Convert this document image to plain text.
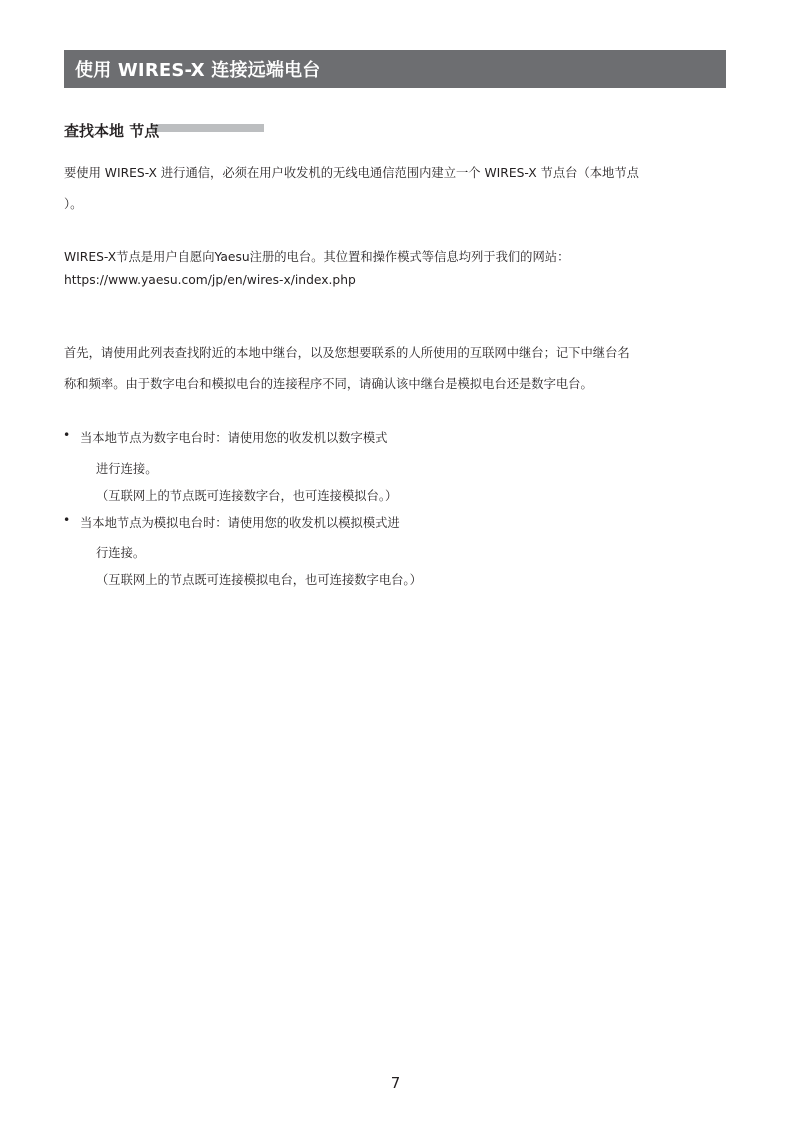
使用 WIRES-X 连接远端电台
查找本地 节点
要使用 WIRES-X 进行通信，必须在用户收发机的无线电通信范围内建立一个 WIRES-X 节点台（本地节点
）。
WIRES-X节点是用户自愿向Yaesu注册的电台。其位置和操作模式等信息均列于我们的网站：
https://www.yaesu.com/jp/en/wires-x/index.php
首先，请使用此列表查找附近的本地中继台，以及您想要联系的人所使用的互联网中继台；记下中继台名
称和频率。由于数字电台和模拟电台的连接程序不同，请确认该中继台是模拟电台还是数字电台。
• 当本地节点为数字电台时：请使用您的收发机以数字模式
进行连接。
（互联网上的节点既可连接数字台，也可连接模拟台。）
• 当本地节点为模拟电台时：请使用您的收发机以模拟模式进
行连接。
（互联网上的节点既可连接模拟电台，也可连接数字电台。）
7
